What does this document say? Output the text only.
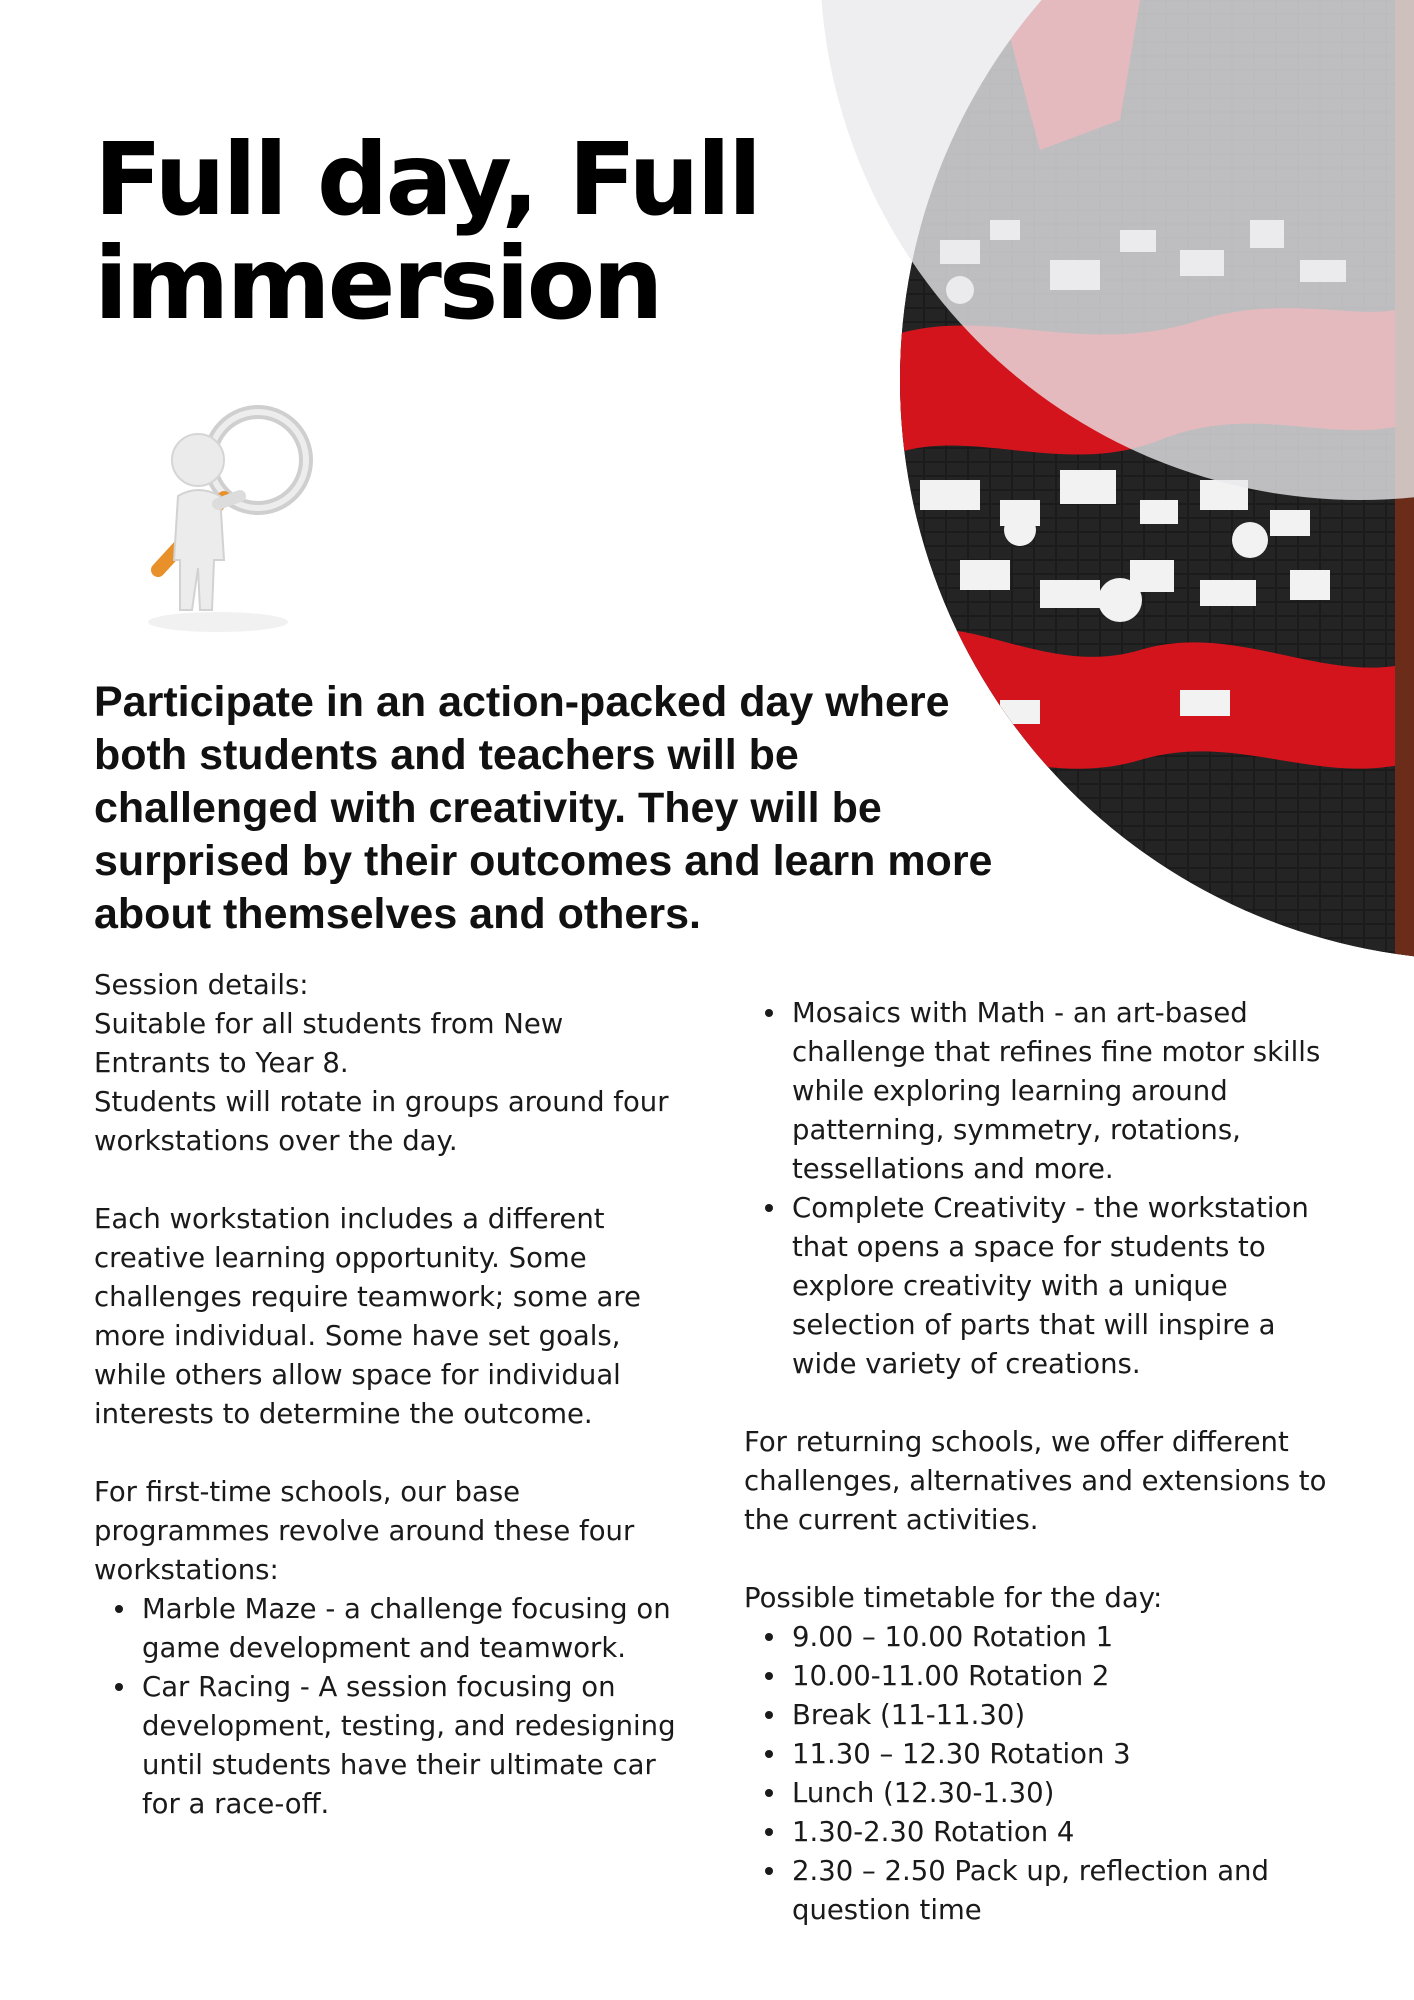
Full day, Full immersion
Participate in an action-packed day where both students and teachers will be challenged with creativity. They will be surprised by their outcomes and learn more about themselves and others.

Session details:

Suitable for all students from New Entrants to Year 8.

Students will rotate in groups around four workstations over the day.

Each workstation includes a different creative learning opportunity. Some challenges require teamwork; some are more individual. Some have set goals, while others allow space for individual interests to determine the outcome.

For first-time schools, our base programmes revolve around these four workstations:

Marble Maze - a challenge focusing on game development and teamwork.
Car Racing - A session focusing on development, testing, and redesigning until students have their ultimate car for a race-off.
Mosaics with Math - an art-based challenge that refines fine motor skills while exploring learning around patterning, symmetry, rotations, tessellations and more.
Complete Creativity - the workstation that opens a space for students to explore creativity with a unique selection of parts that will inspire a wide variety of creations.

For returning schools, we offer different challenges, alternatives and extensions to the current activities.

Possible timetable for the day:

9.00 – 10.00 Rotation 1
10.00-11.00 Rotation 2
Break (11-11.30)
11.30 – 12.30 Rotation 3
Lunch (12.30-1.30)
1.30-2.30 Rotation 4
2.30 – 2.50 Pack up, reflection and question time
